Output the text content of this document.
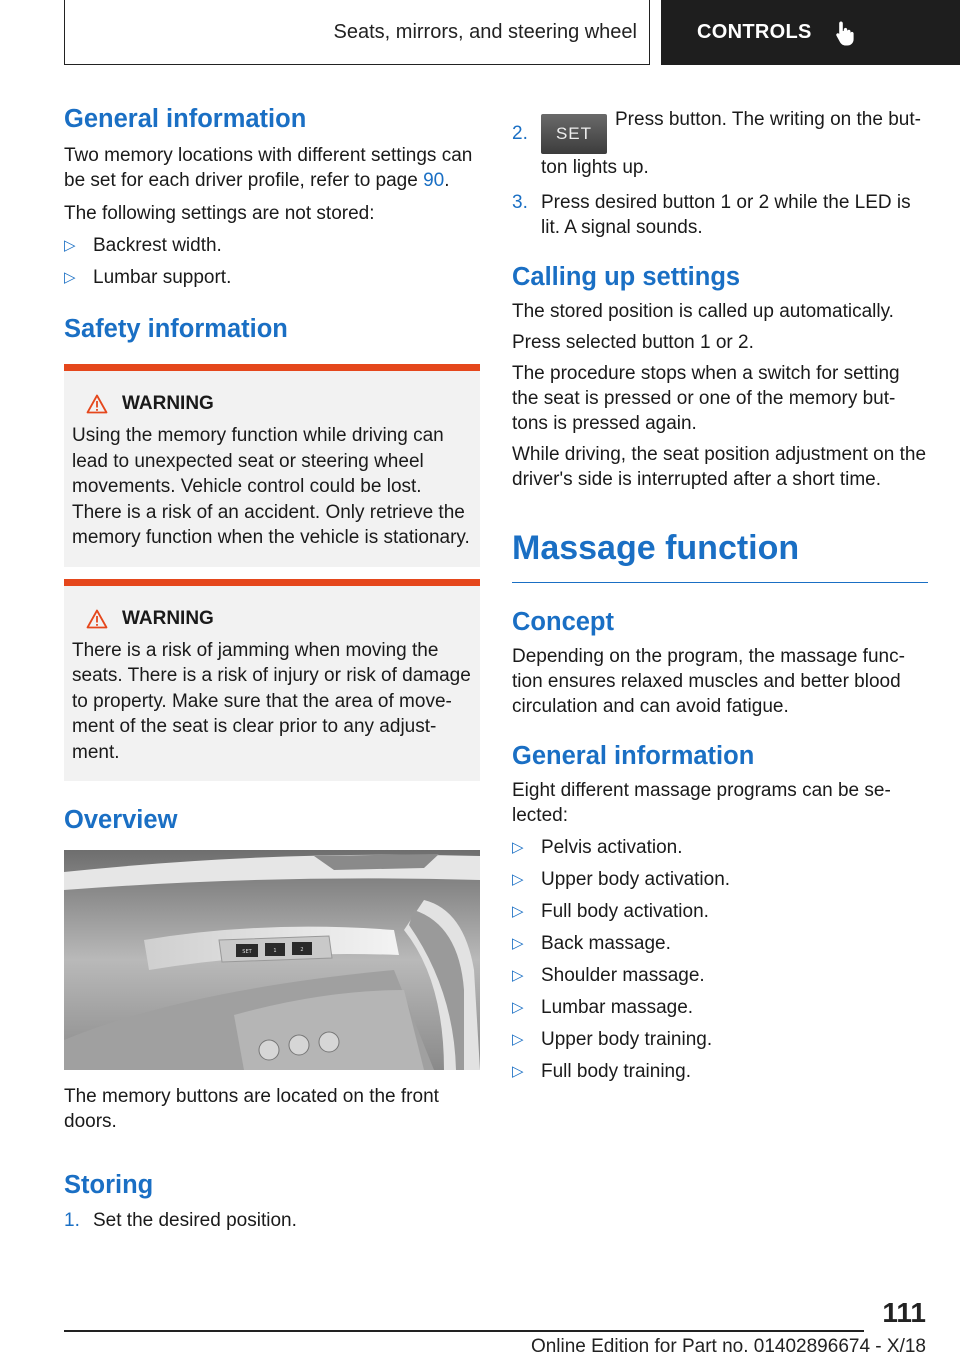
Seats, mirrors, and steering wheel	CONTROLS
General information

Two memory locations with different settings can be set for each driver profile, refer to page 90.

The following settings are not stored:

▷ Backrest width.
▷ Lumbar support.
Safety information
WARNING

Using the memory function while driving can lead to unexpected seat or steering wheel movements. Vehicle control could be lost. There is a risk of an accident. Only retrieve the memory function when the vehicle is stationary.

WARNING

There is a risk of jamming when moving the seats. There is a risk of injury or risk of damage to property. Make sure that the area of move‐ment of the seat is clear prior to any adjust‐ment.

Overview
SET	1	2

The memory buttons are located on the front doors.

Storing
1. Set the desired position.
2. SETPress button. The writing on the but‐ton lights up.
3. Press desired button 1 or 2 while the LED is lit. A signal sounds.
Calling up settings

The stored position is called up automatically.

Press selected button 1 or 2.

The procedure stops when a switch for setting the seat is pressed or one of the memory but‐tons is pressed again.

While driving, the seat position adjustment on the driver's side is interrupted after a short time.

Massage function
Concept

Depending on the program, the massage func‐tion ensures relaxed muscles and better blood circulation and can avoid fatigue.

General information

Eight different massage programs can be se‐lected:

▷ Pelvis activation.
▷ Upper body activation.
▷ Full body activation.
▷ Back massage.
▷ Shoulder massage.
▷ Lumbar massage.
▷ Upper body training.
▷ Full body training.
111
Online Edition for Part no. 01402896674 - X/18
